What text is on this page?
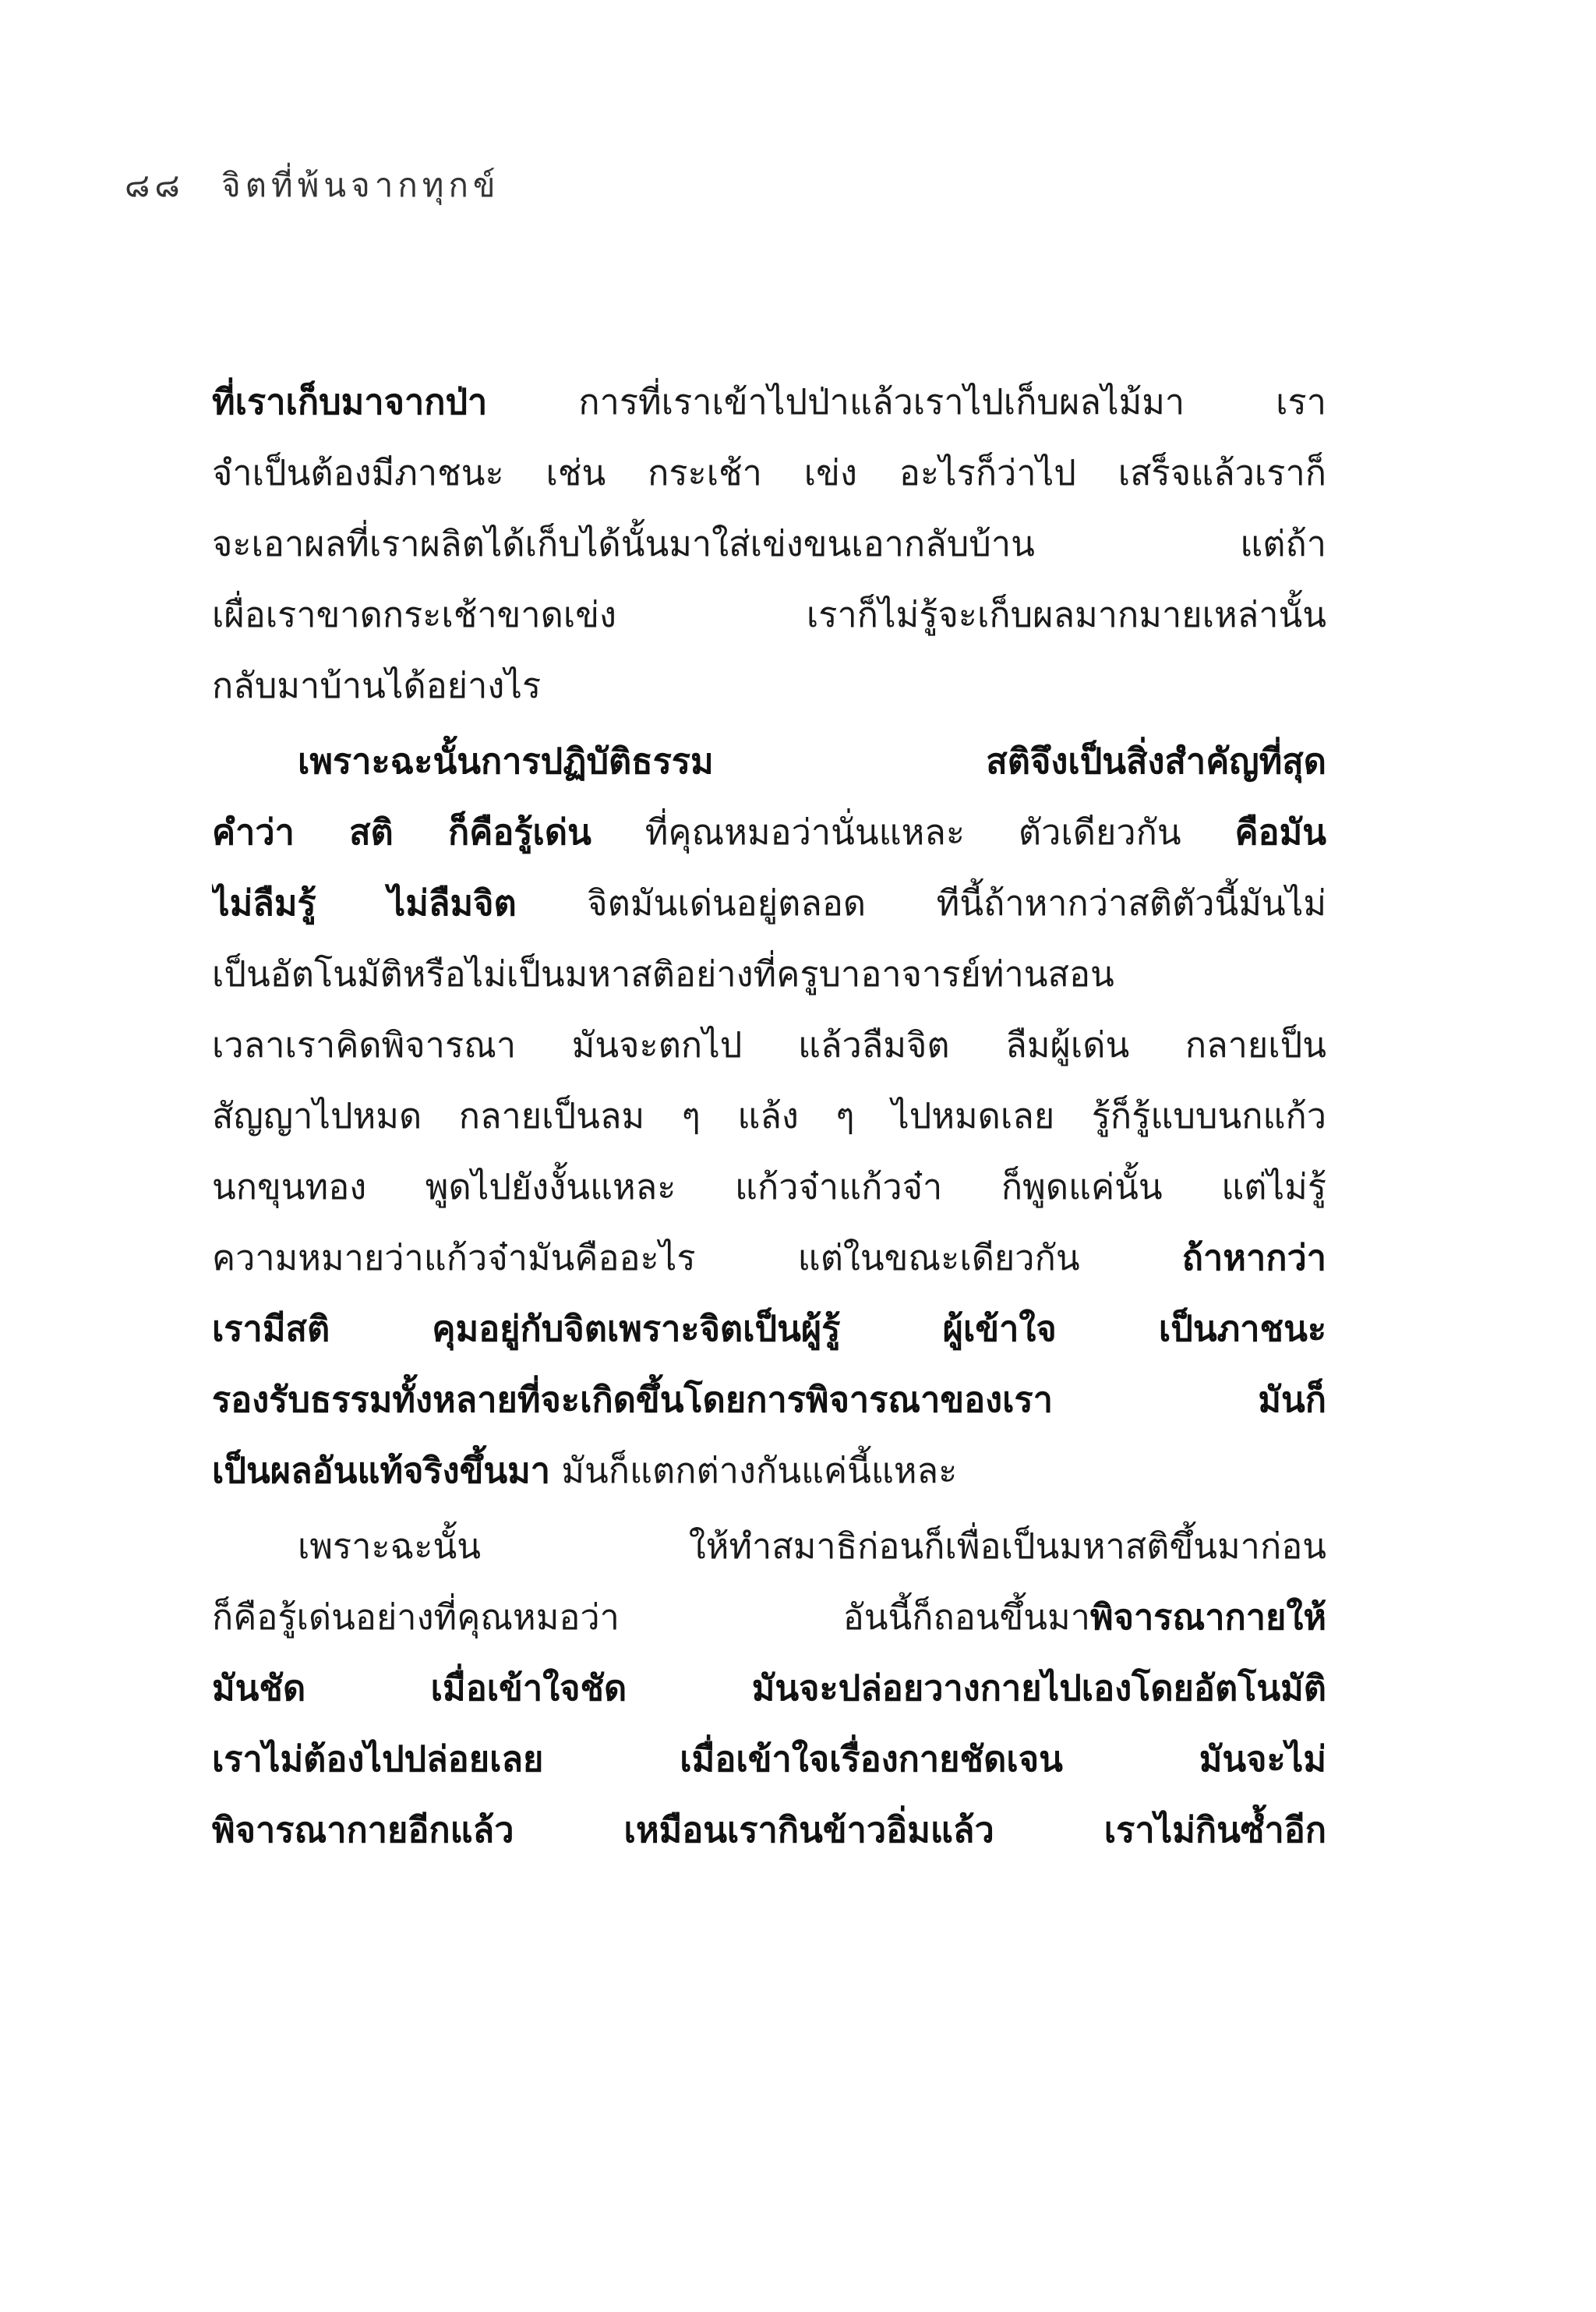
๘๘ จิตที่พ้นจากทุกข์
ที่เราเก็บมาจากป่า การที่เราเข้าไปป่าแล้วเราไปเก็บผลไม้มา เรา
จำเป็นต้องมีภาชนะ เช่น กระเช้า เข่ง อะไรก็ว่าไป เสร็จแล้วเราก็
จะเอาผลที่เราผลิตได้เก็บได้นั้นมาใส่เข่งขนเอากลับบ้าน แต่ถ้า
เผื่อเราขาดกระเช้าขาดเข่ง เราก็ไม่รู้จะเก็บผลมากมายเหล่านั้น
กลับมาบ้านได้อย่างไร
เพราะฉะนั้นการปฏิบัติธรรม สติจึงเป็นสิ่งสำคัญที่สุด
คำว่า สติ ก็คือรู้เด่น ที่คุณหมอว่านั่นแหละ ตัวเดียวกัน คือมัน
ไม่ลืมรู้ ไม่ลืมจิต จิตมันเด่นอยู่ตลอด ทีนี้ถ้าหากว่าสติตัวนี้มันไม่
เป็นอัตโนมัติหรือไม่เป็นมหาสติอย่างที่ครูบาอาจารย์ท่านสอน
เวลาเราคิดพิจารณา มันจะตกไป แล้วลืมจิต ลืมผู้เด่น กลายเป็น
สัญญาไปหมด กลายเป็นลม ๆ แล้ง ๆ ไปหมดเลย รู้ก็รู้แบบนกแก้ว
นกขุนทอง พูดไปยังงั้นแหละ แก้วจ๋าแก้วจ๋า ก็พูดแค่นั้น แต่ไม่รู้
ความหมายว่าแก้วจ๋ามันคืออะไร แต่ในขณะเดียวกัน ถ้าหากว่า
เรามีสติ คุมอยู่กับจิตเพราะจิตเป็นผู้รู้ ผู้เข้าใจ เป็นภาชนะ
รองรับธรรมทั้งหลายที่จะเกิดขึ้นโดยการพิจารณาของเรา มันก็
เป็นผลอันแท้จริงขึ้นมา มันก็แตกต่างกันแค่นี้แหละ
เพราะฉะนั้น ให้ทำสมาธิก่อนก็เพื่อเป็นมหาสติขึ้นมาก่อน
ก็คือรู้เด่นอย่างที่คุณหมอว่า อันนี้ก็ถอนขึ้นมาพิจารณากายให้
มันชัด เมื่อเข้าใจชัด มันจะปล่อยวางกายไปเองโดยอัตโนมัติ
เราไม่ต้องไปปล่อยเลย เมื่อเข้าใจเรื่องกายชัดเจน มันจะไม่
พิจารณากายอีกแล้ว เหมือนเรากินข้าวอิ่มแล้ว เราไม่กินซ้ำอีก
